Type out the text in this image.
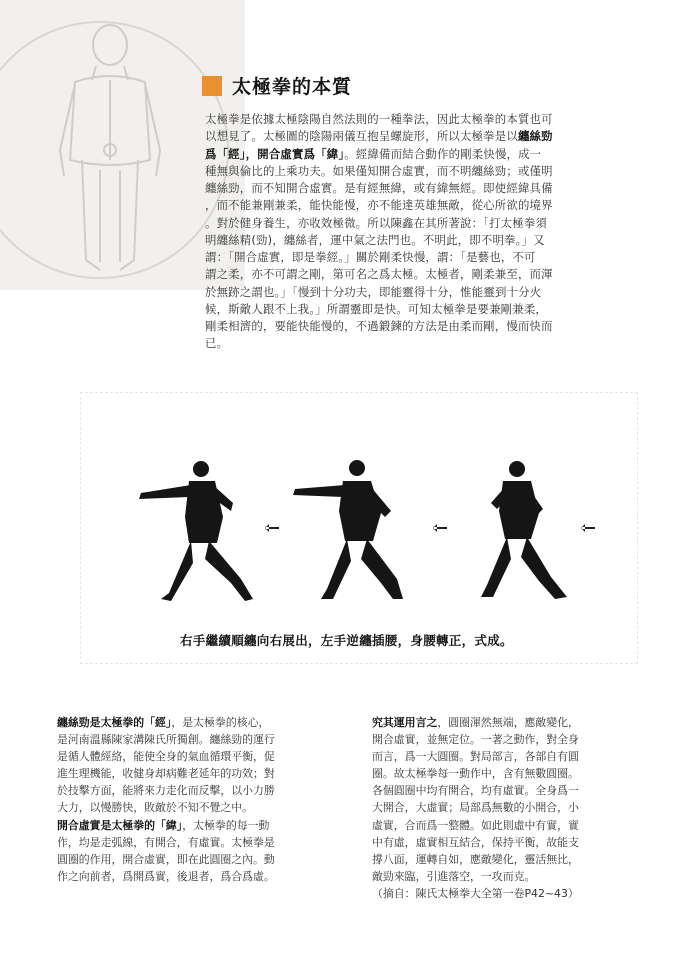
太極拳的本質
太極拳是依據太極陰陽自然法則的一種拳法，因此太極拳的本質也可
以想見了。太極圖的陰陽兩儀互抱呈螺旋形，所以太極拳是以纏絲勁
爲「經」，開合虛實爲「緯」。經緯備而結合動作的剛柔快慢，成一
種無與倫比的上乘功夫。如果僅知開合虛實，而不明纏絲勁；或僅明
纏絲勁，而不知開合虛實。是有經無緯，或有緯無經。即使經緯具備
，而不能兼剛兼柔，能快能慢，亦不能達英雄無敵，從心所欲的境界
。對於健身養生，亦收效極微。所以陳鑫在其所著說：「打太極拳須
明纏絲精(勁)，纏絲者，運中氣之法門也。不明此，即不明拳。」又
謂：「開合虛實，即是拳經。」關於剛柔快慢，謂：「是藝也，不可
謂之柔，亦不可謂之剛，第可名之爲太極。太極者，剛柔兼至，而渾
於無跡之謂也。」「慢到十分功夫，即能靈得十分，惟能靈到十分火
候，斯敵人跟不上我。」所謂靈即是快。可知太極拳是要兼剛兼柔，
剛柔相濟的，要能快能慢的，不過鍛鍊的方法是由柔而剛，慢而快而
已。
右手繼續順纏向右展出，左手逆纏插腰，身腰轉正，式成。
纏絲勁是太極拳的「經」，是太極拳的核心，
是河南溫縣陳家溝陳氏所獨創。纏絲勁的運行
是循人體經絡，能使全身的氣血循環平衡，促
進生理機能，收健身却病難老延年的功效；對
於技擊方面，能將來力走化而反擊，以小力勝
大力，以慢勝快，敗敵於不知不覺之中。
開合虛實是太極拳的「緯」，太極拳的每一動
作，均是走弧線，有開合，有虛實。太極拳是
圓圈的作用，開合虛實，即在此圓圈之內。動
作之向前者，爲開爲實，後退者，爲合爲虛。
究其運用言之，圓圈渾然無端，應敵變化，
開合虛實，並無定位。一著之動作，對全身
而言，爲一大圓圈。對局部言，各部自有圓
圈。故太極拳每一動作中，含有無數圓圈。
各個圓圈中均有開合，均有虛實。全身爲一
大開合，大虛實；局部爲無數的小開合，小
虛實，合而爲一整體。如此則虛中有實，實
中有虛，虛實相互結合，保持平衡，故能支
撐八面，運轉自如，應敵變化，靈活無比，
敵勁來臨，引進落空，一攻而克。
（摘自：陳氏太極拳大全第一卷P42~43）
